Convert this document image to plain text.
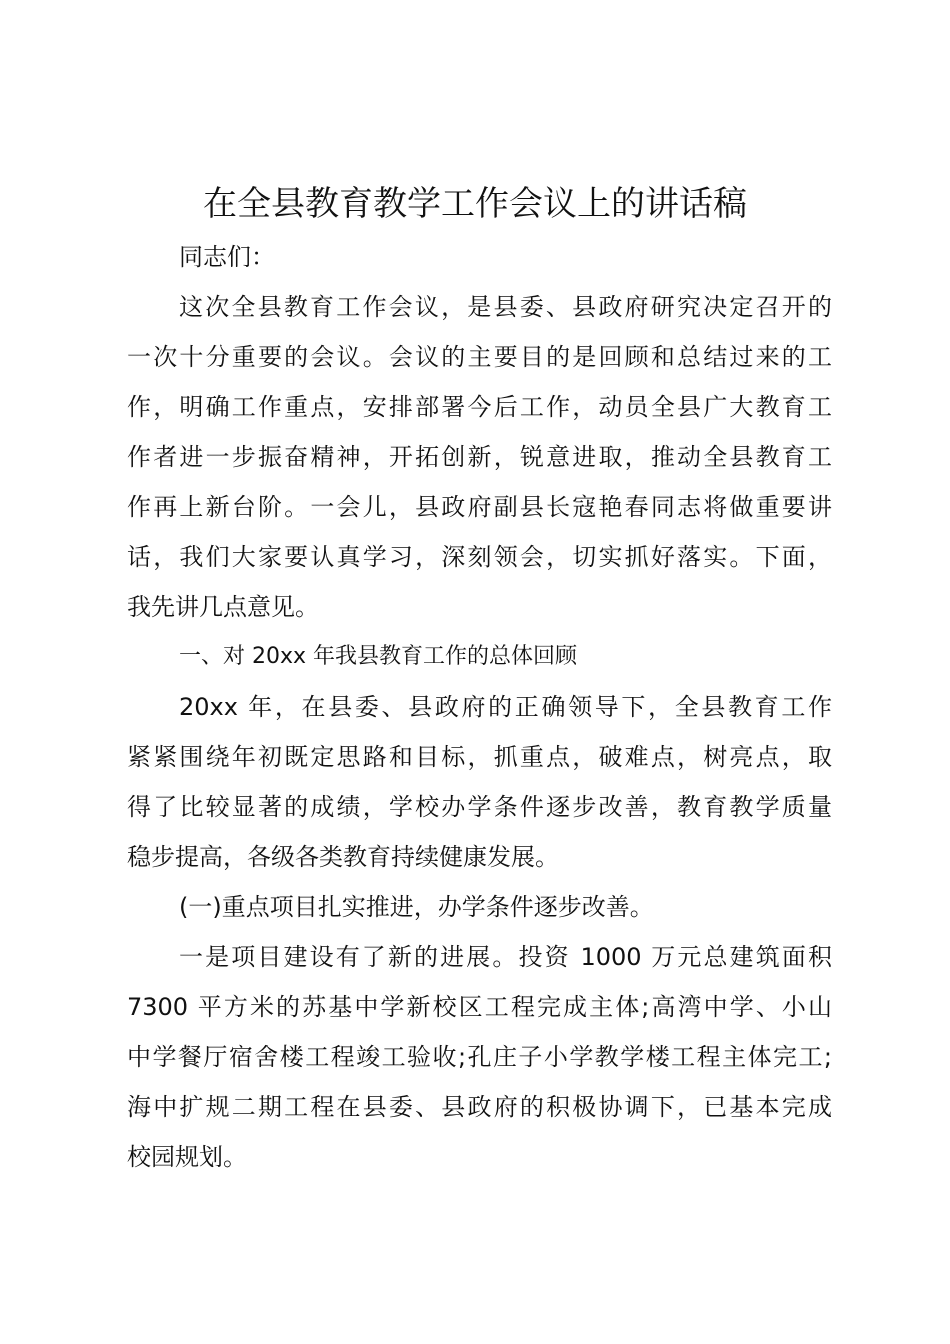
在全县教育教学工作会议上的讲话稿
同志们：
这次全县教育工作会议，是县委、县政府研究决定召开的
一次十分重要的会议。会议的主要目的是回顾和总结过来的工
作，明确工作重点，安排部署今后工作，动员全县广大教育工
作者进一步振奋精神，开拓创新，锐意进取，推动全县教育工
作再上新台阶。一会儿，县政府副县长寇艳春同志将做重要讲
话，我们大家要认真学习，深刻领会，切实抓好落实。下面，
我先讲几点意见。
一、对 20xx 年我县教育工作的总体回顾
20xx 年，在县委、县政府的正确领导下，全县教育工作
紧紧围绕年初既定思路和目标，抓重点，破难点，树亮点，取
得了比较显著的成绩，学校办学条件逐步改善，教育教学质量
稳步提高，各级各类教育持续健康发展。
(一)重点项目扎实推进，办学条件逐步改善。
一是项目建设有了新的进展。投资 1000 万元总建筑面积
7300 平方米的苏基中学新校区工程完成主体;高湾中学、小山
中学餐厅宿舍楼工程竣工验收;孔庄子小学教学楼工程主体完工;
海中扩规二期工程在县委、县政府的积极协调下，已基本完成
校园规划。
